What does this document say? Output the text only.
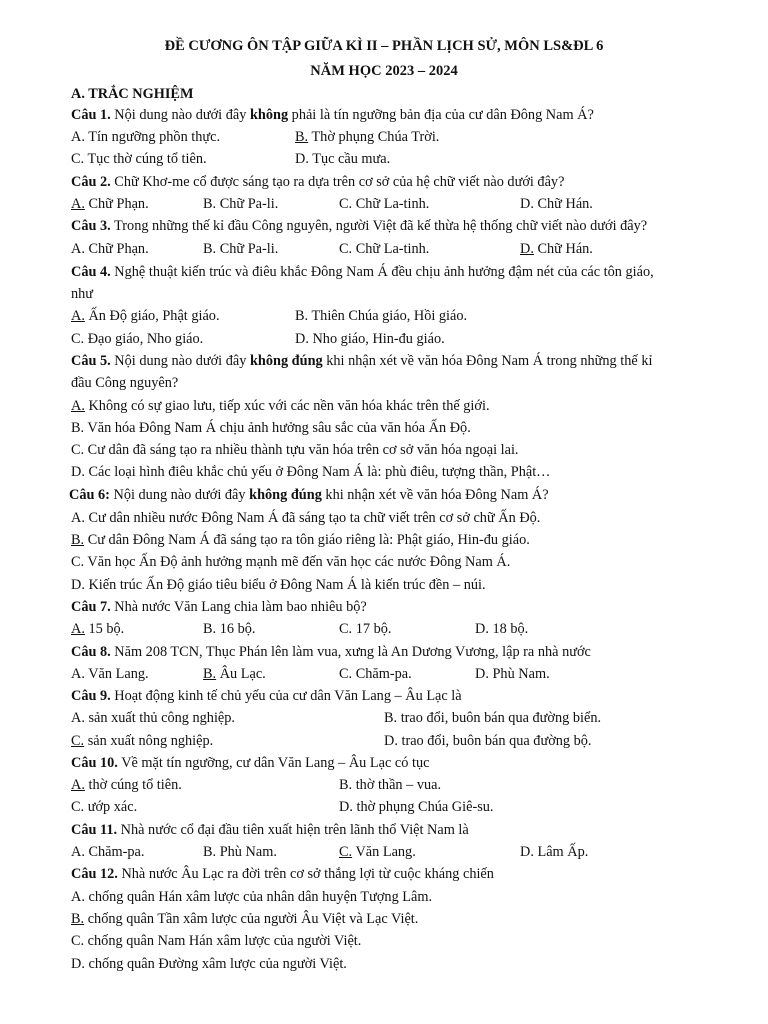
ĐỀ CƯƠNG ÔN TẬP GIỮA KÌ II – PHẦN LỊCH SỬ, MÔN LS&ĐL 6
NĂM HỌC 2023 – 2024
A. TRẮC NGHIỆM
Câu 1. Nội dung nào dưới đây không phải là tín ngưỡng bản địa của cư dân Đông Nam Á?
A. Tín ngưỡng phồn thực.	B. Thờ phụng Chúa Trời.
C. Tục thờ cúng tổ tiên.	D. Tục cầu mưa.
Câu 2. Chữ Khơ-me cổ được sáng tạo ra dựa trên cơ sở của hệ chữ viết nào dưới đây?
A. Chữ Phạn.	B. Chữ Pa-li.	C. Chữ La-tinh.	D. Chữ Hán.
Câu 3. Trong những thế kỉ đầu Công nguyên, người Việt đã kế thừa hệ thống chữ viết nào dưới đây?
A. Chữ Phạn.	B. Chữ Pa-li.	C. Chữ La-tinh.	D. Chữ Hán.
Câu 4. Nghệ thuật kiến trúc và điêu khắc Đông Nam Á đều chịu ảnh hưởng đậm nét của các tôn giáo,
như
A. Ấn Độ giáo, Phật giáo.	B. Thiên Chúa giáo, Hồi giáo.
C. Đạo giáo, Nho giáo.	D. Nho giáo, Hin-đu giáo.
Câu 5. Nội dung nào dưới đây không đúng khi nhận xét về văn hóa Đông Nam Á trong những thế kỉ
đầu Công nguyên?
A. Không có sự giao lưu, tiếp xúc với các nền văn hóa khác trên thế giới.
B. Văn hóa Đông Nam Á chịu ảnh hưởng sâu sắc của văn hóa Ấn Độ.
C. Cư dân đã sáng tạo ra nhiều thành tựu văn hóa trên cơ sở văn hóa ngoại lai.
D. Các loại hình điêu khắc chủ yếu ở Đông Nam Á là: phù điêu, tượng thần, Phật…
Câu 6: Nội dung nào dưới đây không đúng khi nhận xét về văn hóa Đông Nam Á?
A. Cư dân nhiều nước Đông Nam Á đã sáng tạo ta chữ viết trên cơ sở chữ Ấn Độ.
B. Cư dân Đông Nam Á đã sáng tạo ra tôn giáo riêng là: Phật giáo, Hin-đu giáo.
C. Văn học Ấn Độ ảnh hưởng mạnh mẽ đến văn học các nước Đông Nam Á.
D. Kiến trúc Ấn Độ giáo tiêu biểu ở Đông Nam Á là kiến trúc đền – núi.
Câu 7. Nhà nước Văn Lang chia làm bao nhiêu bộ?
A. 15 bộ.	B. 16 bộ.	C. 17 bộ.	D. 18 bộ.
Câu 8. Năm 208 TCN, Thục Phán lên làm vua, xưng là An Dương Vương, lập ra nhà nước
A. Văn Lang.	B. Âu Lạc.	C. Chăm-pa.	D. Phù Nam.
Câu 9. Hoạt động kinh tế chủ yếu của cư dân Văn Lang – Âu Lạc là
A. sản xuất thủ công nghiệp.	B. trao đổi, buôn bán qua đường biển.
C. sản xuất nông nghiệp.	D. trao đổi, buôn bán qua đường bộ.
Câu 10. Về mặt tín ngưỡng, cư dân Văn Lang – Âu Lạc có tục
A. thờ cúng tổ tiên.	B. thờ thần – vua.
C. ướp xác.	D. thờ phụng Chúa Giê-su.
Câu 11. Nhà nước cổ đại đầu tiên xuất hiện trên lãnh thổ Việt Nam là
A. Chăm-pa.	B. Phù Nam.	C. Văn Lang.	D. Lâm Ấp.
Câu 12. Nhà nước Âu Lạc ra đời trên cơ sở thắng lợi từ cuộc kháng chiến
A. chống quân Hán xâm lược của nhân dân huyện Tượng Lâm.
B. chống quân Tần xâm lược của người Âu Việt và Lạc Việt.
C. chống quân Nam Hán xâm lược của người Việt.
D. chống quân Đường xâm lược của người Việt.
